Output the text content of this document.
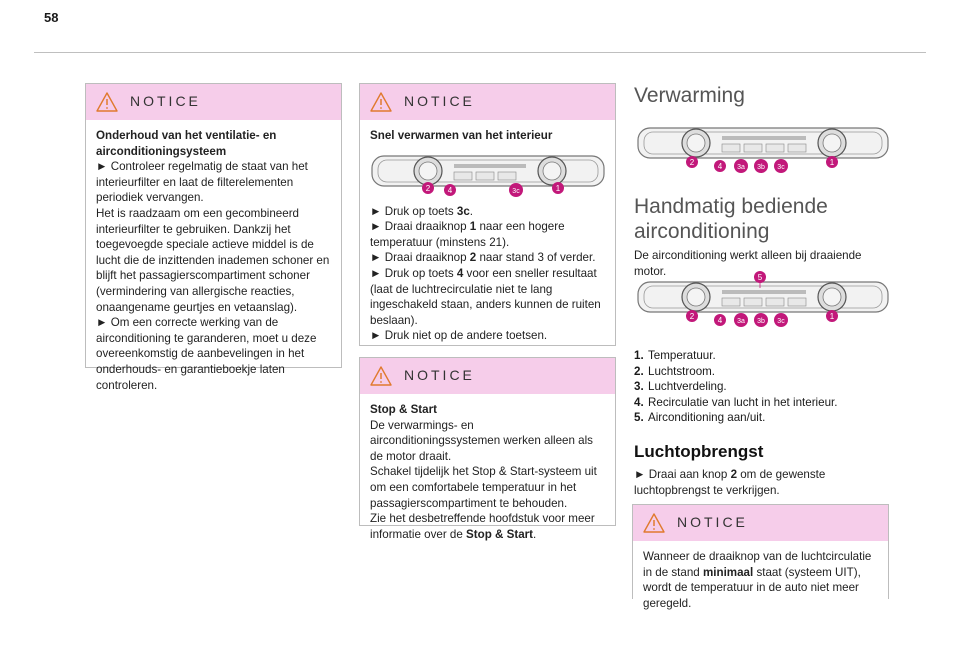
58
NOTICE

Onderhoud van het ventilatie- en airconditioningsysteem

► Controleer regelmatig de staat van het interieurfilter en laat de filterelementen periodiek vervangen.

Het is raadzaam om een gecombineerd interieurfilter te gebruiken. Dankzij het toegevoegde speciale actieve middel is de lucht die de inzittenden inademen schoner en blijft het passagierscompartiment schoner (vermindering van allergische reacties, onaangename geurtjes en vetaanslag).

► Om een correcte werking van de airconditioning te garanderen, moet u deze overeenkomstig de aanbevelingen in het onderhouds- en garantieboekje laten controleren.

NOTICE

Snel verwarmen van het interieur

2 4	3c	1

► Druk op toets 3c.

► Draai draaiknop 1 naar een hogere temperatuur (minstens 21).

► Draai draaiknop 2 naar stand 3 of verder.

► Druk op toets 4 voor een sneller resultaat (laat de luchtrecirculatie niet te lang ingeschakeld staan, anders kunnen de ruiten beslaan).

► Druk niet op de andere toetsen.

NOTICE

Stop & Start

De verwarmings- en airconditioningssystemen werken alleen als de motor draait.

Schakel tijdelijk het Stop & Start-systeem uit om een comfortabele temperatuur in het passagierscompartiment te behouden.

Zie het desbetreffende hoofdstuk voor meer informatie over de Stop & Start.

Verwarming
2	4 3a 3b 3c
1
Handmatig bediende
airconditioning
De airconditioning werkt alleen bij draaiende motor.	5
2	4 3a 3b 3c
1
1. Temperatuur.
2. Luchtstroom.
3. Luchtverdeling.
4. Recirculatie van lucht in het interieur.
5. Airconditioning aan/uit.
Luchtopbrengst
► Draai aan knop 2 om de gewenste luchtopbrengst te verkrijgen.
NOTICE

Wanneer de draaiknop van de luchtcirculatie in de stand minimaal staat (systeem UIT), wordt de temperatuur in de auto niet meer geregeld.
